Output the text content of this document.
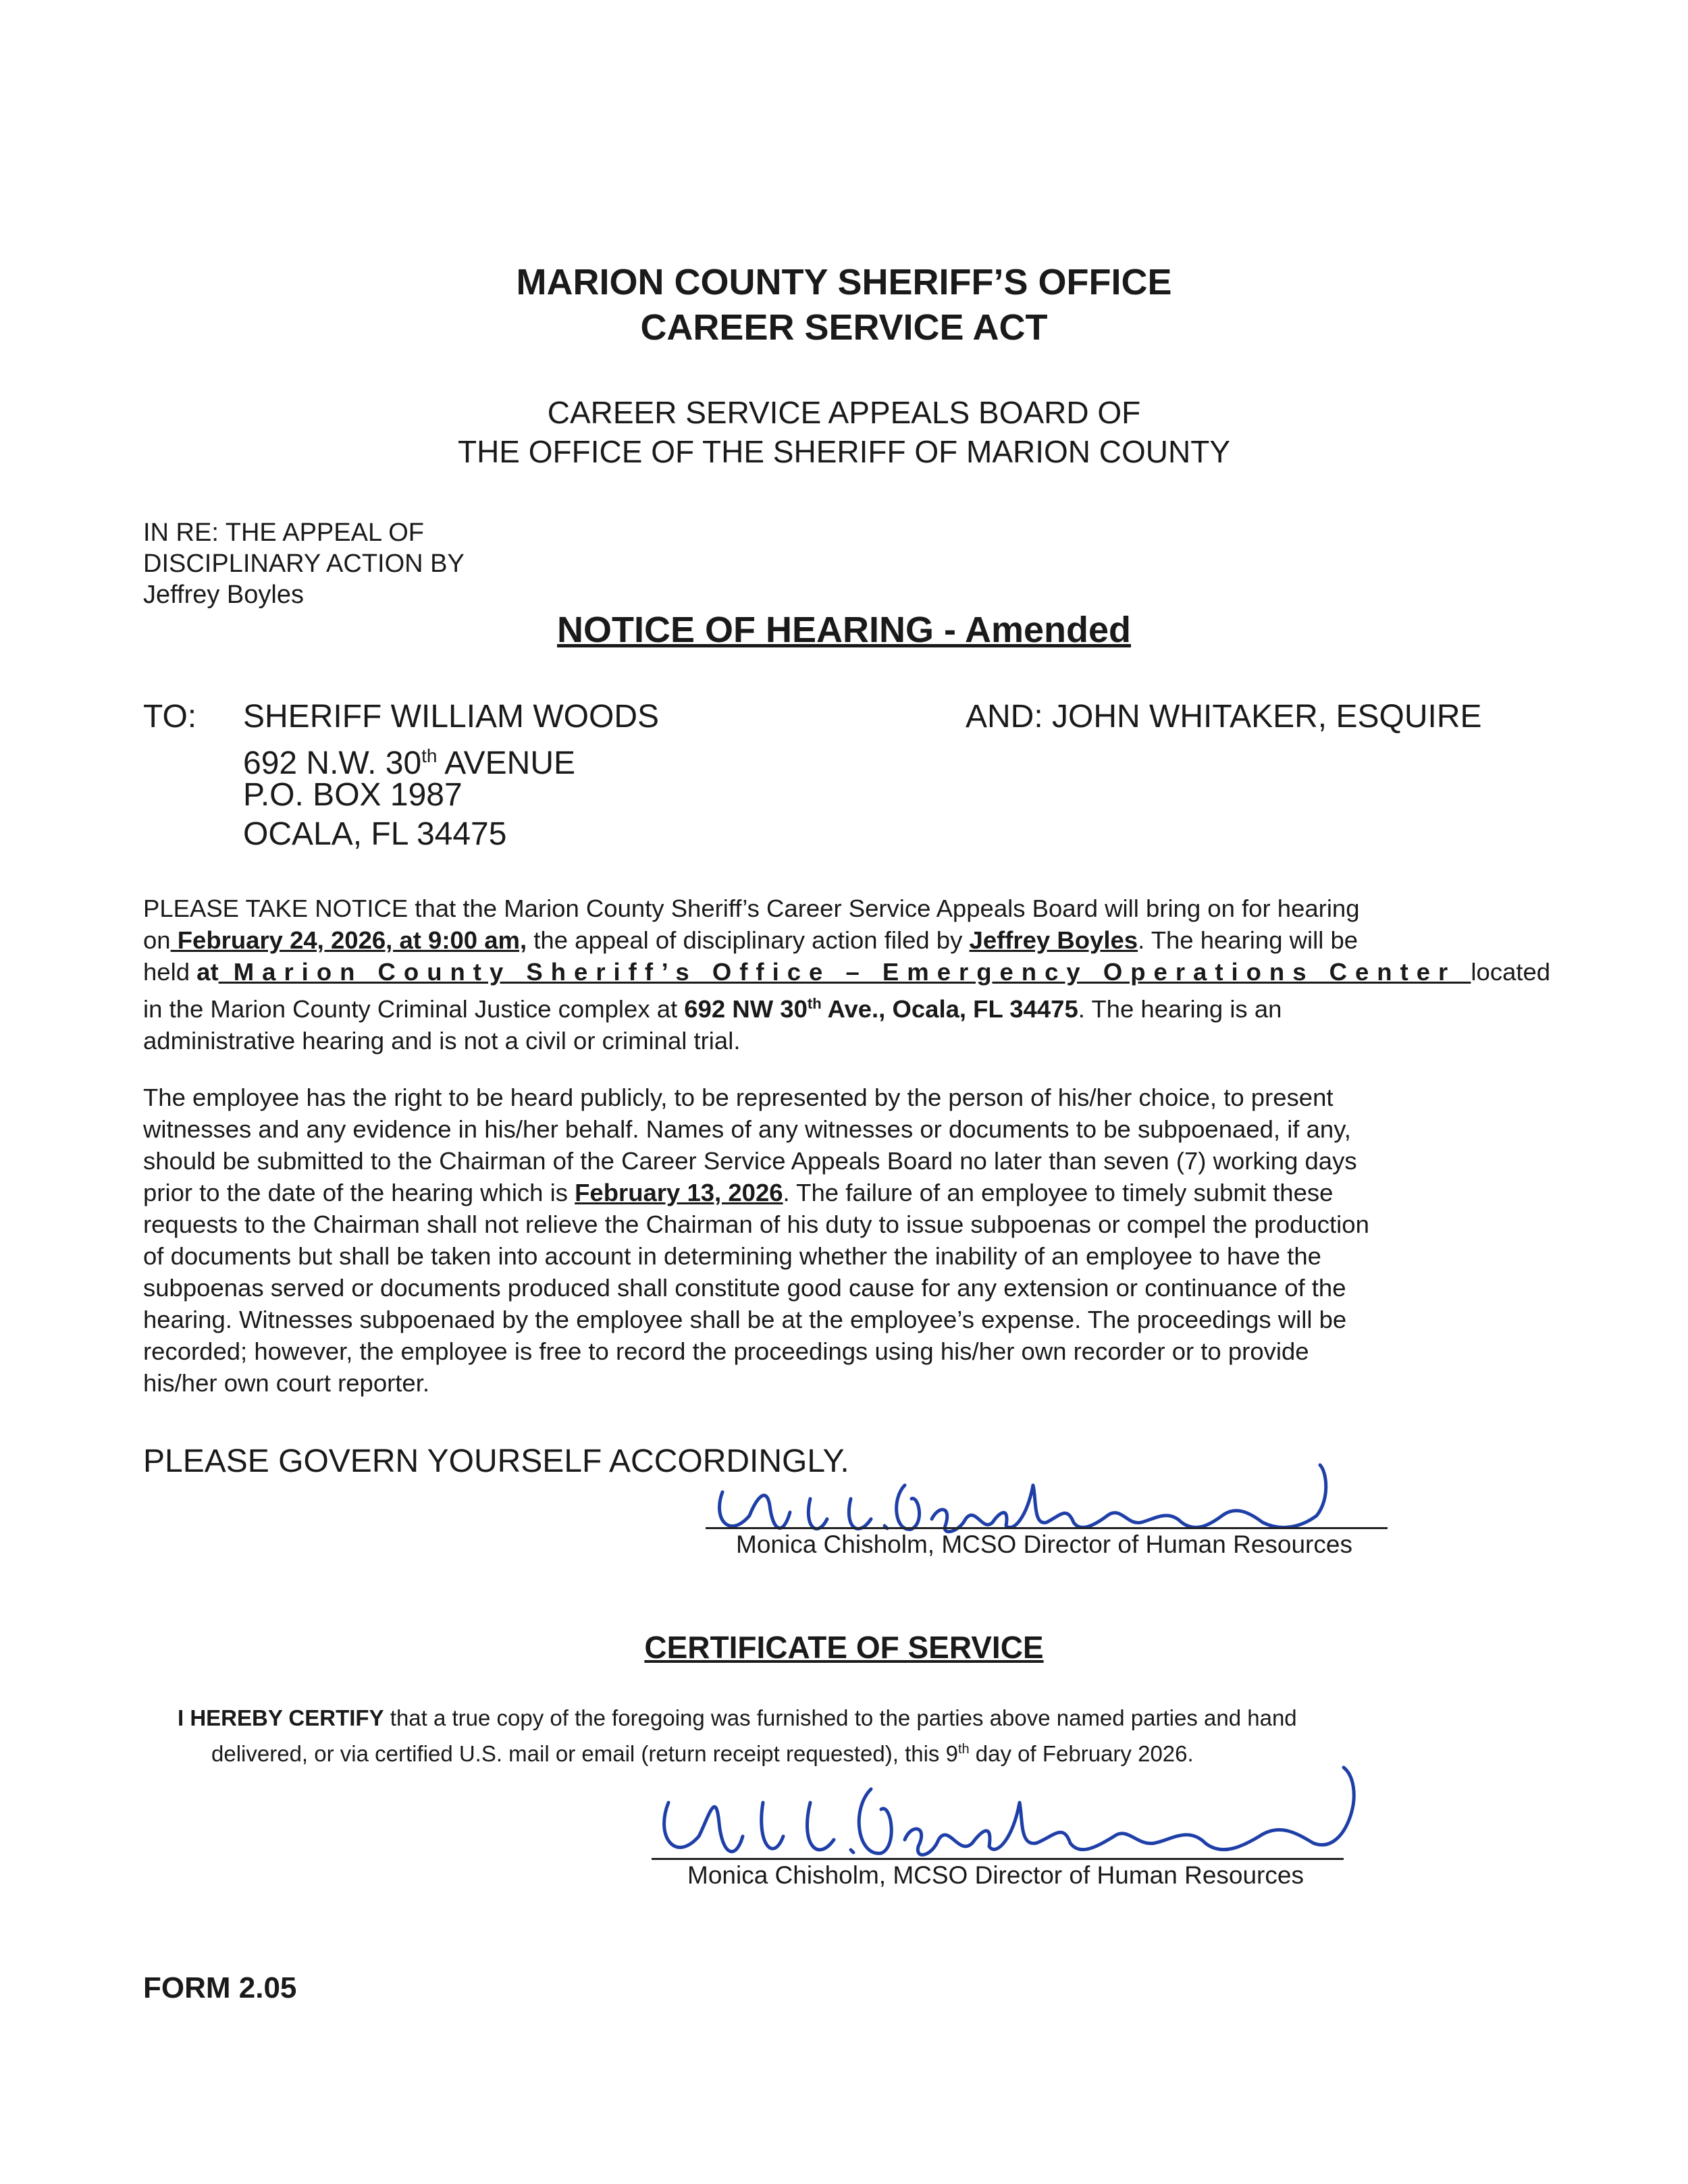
MARION COUNTY SHERIFF’S OFFICE
CAREER SERVICE ACT
CAREER SERVICE APPEALS BOARD OF
THE OFFICE OF THE SHERIFF OF MARION COUNTY
IN RE: THE APPEAL OF
DISCIPLINARY ACTION BY
Jeffrey Boyles
NOTICE OF HEARING - Amended
TO: SHERIFF WILLIAM WOODS
692 N.W. 30th AVENUE
P.O. BOX 1987
OCALA, FL 34475
AND: JOHN WHITAKER, ESQUIRE

PLEASE TAKE NOTICE that the Marion County Sheriff’s Career Service Appeals Board will bring on for hearing

on February 24, 2026, at 9:00 am, the appeal of disciplinary action filed by Jeffrey Boyles. The hearing will be

held at Marion County Sheriff’s Office – Emergency Operations Center located

in the Marion County Criminal Justice complex at 692 NW 30th Ave., Ocala, FL 34475. The hearing is an

administrative hearing and is not a civil or criminal trial.

The employee has the right to be heard publicly, to be represented by the person of his/her choice, to present

witnesses and any evidence in his/her behalf. Names of any witnesses or documents to be subpoenaed, if any,

should be submitted to the Chairman of the Career Service Appeals Board no later than seven (7) working days

prior to the date of the hearing which is February 13, 2026. The failure of an employee to timely submit these

requests to the Chairman shall not relieve the Chairman of his duty to issue subpoenas or compel the production

of documents but shall be taken into account in determining whether the inability of an employee to have the

subpoenas served or documents produced shall constitute good cause for any extension or continuance of the

hearing. Witnesses subpoenaed by the employee shall be at the employee’s expense. The proceedings will be

recorded; however, the employee is free to record the proceedings using his/her own recorder or to provide

his/her own court reporter.

PLEASE GOVERN YOURSELF ACCORDINGLY.
Monica Chisholm, MCSO Director of Human Resources
CERTIFICATE OF SERVICE
I HEREBY CERTIFY that a true copy of the foregoing was furnished to the parties above named parties and hand
delivered, or via certified U.S. mail or email (return receipt requested), this 9th day of February 2026.
Monica Chisholm, MCSO Director of Human Resources
FORM 2.05
